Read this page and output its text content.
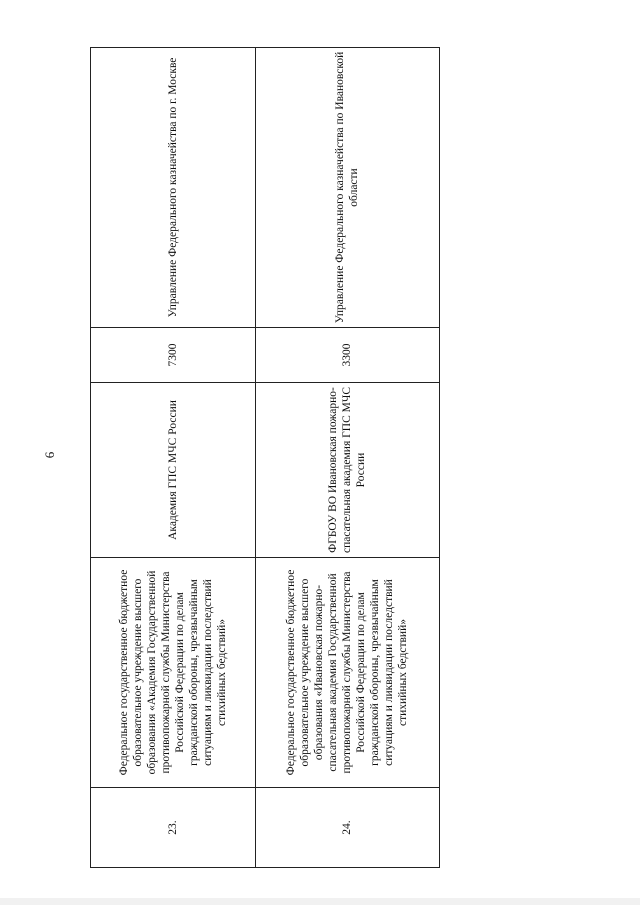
6
23.	Федеральное государственное бюджетное образовательное учреждение высшего образования «Академия Государственной противопожарной службы Министерства Российской Федерации по делам гражданской обороны, чрезвычайным ситуациям и ликвидации последствий стихийных бедствий»	Академия ГПС МЧС России	7300	Управление Федерального казначейства по г. Москве
24.	Федеральное государственное бюджетное образовательное учреждение высшего образования «Ивановская пожарно-спасательная академия Государственной противопожарной службы Министерства Российской Федерации по делам гражданской обороны, чрезвычайным ситуациям и ликвидации последствий стихийных бедствий»	ФГБОУ ВО Ивановская пожарно-спасательная академия ГПС МЧС России	3300	Управление Федерального казначейства по Ивановской области
